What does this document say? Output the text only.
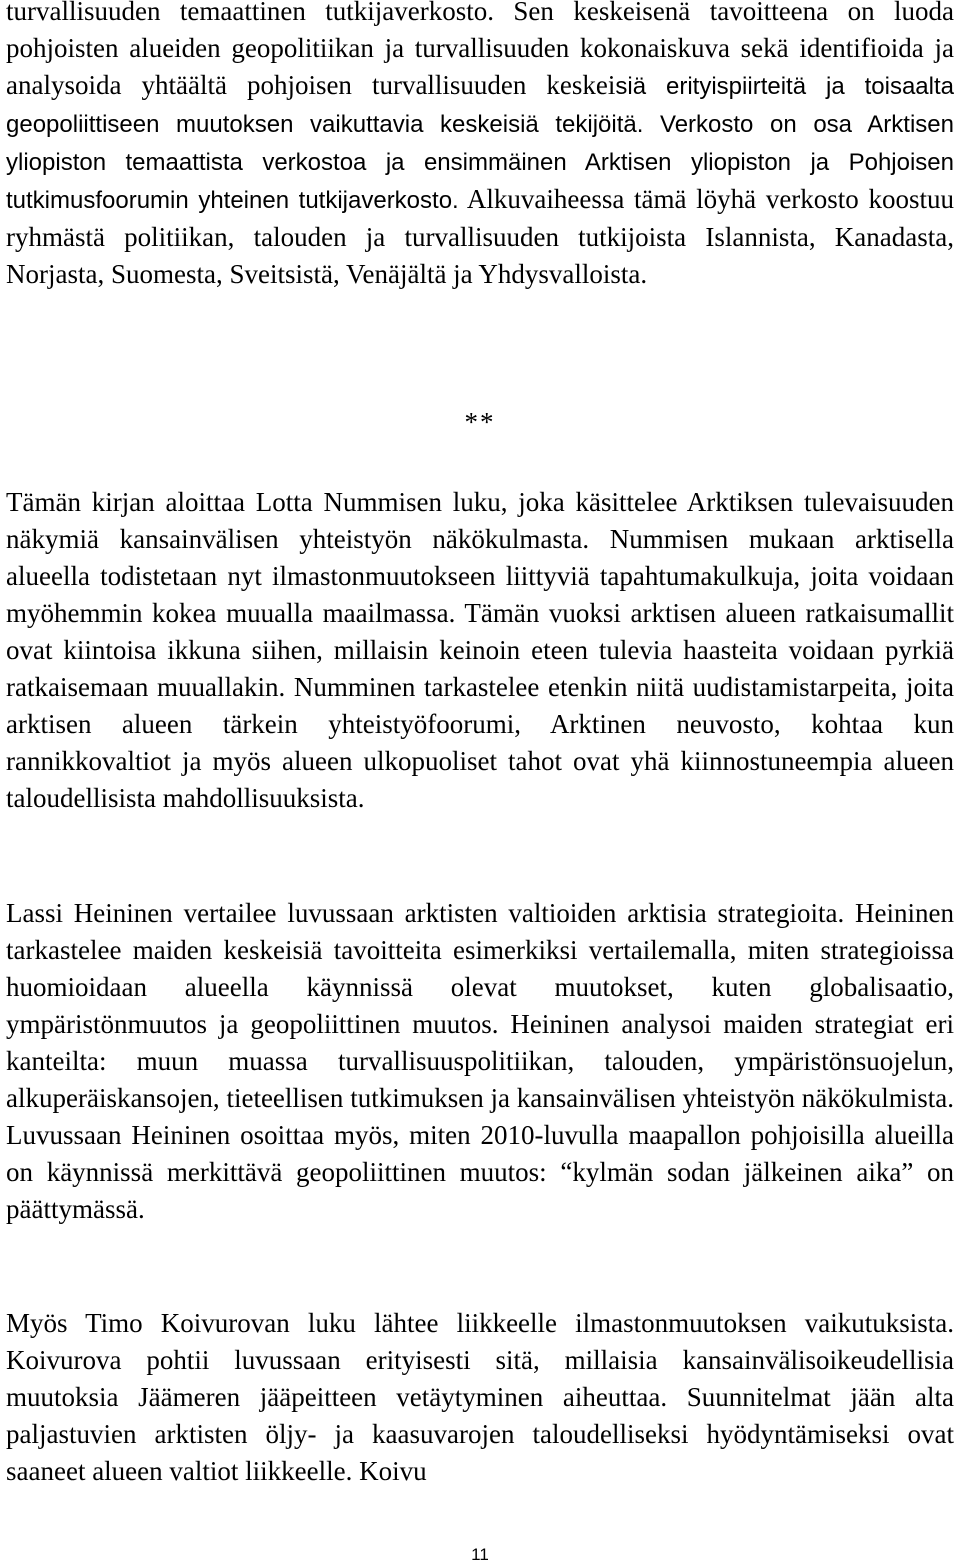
turvallisuuden temaattinen tutkijaverkosto. Sen keskeisenä tavoitteena on luoda pohjoisten alueiden geopolitiikan ja turvallisuuden kokonaiskuva sekä identifioida ja analysoida yhtäältä pohjoisen turvallisuuden keskeisiä erityispiirteitä ja toisaalta geopoliittiseen muutoksen vaikuttavia keskeisiä tekijöitä. Verkosto on osa Arktisen yliopiston temaattista verkostoa ja ensimmäinen Arktisen yliopiston ja Pohjoisen tutkimusfoorumin yhteinen tutkijaverkosto. Alkuvaiheessa tämä löyhä verkosto koostuu ryhmästä politiikan, talouden ja turvallisuuden tutkijoista Islannista, Kanadasta, Norjasta, Suomesta, Sveitsistä, Venäjältä ja Yhdysvalloista.

**

Tämän kirjan aloittaa Lotta Nummisen luku, joka käsittelee Arktiksen tulevaisuuden näkymiä kansainvälisen yhteistyön näkökulmasta. Nummisen mukaan arktisella alueella todistetaan nyt ilmastonmuutokseen liittyviä tapahtumakulkuja, joita voidaan myöhemmin kokea muualla maailmassa. Tämän vuoksi arktisen alueen ratkaisumallit ovat kiintoisa ikkuna siihen, millaisin keinoin eteen tulevia haasteita voidaan pyrkiä ratkaisemaan muuallakin. Numminen tarkastelee etenkin niitä uudistamistarpeita, joita arktisen alueen tärkein yhteistyöfoorumi, Arktinen neuvosto, kohtaa kun rannikkovaltiot ja myös alueen ulkopuoliset tahot ovat yhä kiinnostuneempia alueen taloudellisista mahdollisuuksista.

Lassi Heininen vertailee luvussaan arktisten valtioiden arktisia strategioita. Heininen tarkastelee maiden keskeisiä tavoitteita esimerkiksi vertailemalla, miten strategioissa huomioidaan alueella käynnissä olevat muutokset, kuten globalisaatio, ympäristönmuutos ja geopoliittinen muutos. Heininen analysoi maiden strategiat eri kanteilta: muun muassa turvallisuuspolitiikan, talouden, ympäristönsuojelun, alkuperäiskansojen, tieteellisen tutkimuksen ja kansainvälisen yhteistyön näkökulmista. Luvussaan Heininen osoittaa myös, miten 2010-luvulla maapallon pohjoisilla alueilla on käynnissä merkittävä geopoliittinen muutos: “kylmän sodan jälkeinen aika” on päättymässä.

Myös Timo Koivurovan luku lähtee liikkeelle ilmastonmuutoksen vaikutuksista. Koivurova pohtii luvussaan erityisesti sitä, millaisia kansainvälisoikeudellisia muutoksia Jäämeren jääpeitteen vetäytyminen aiheuttaa. Suunnitelmat jään alta paljastuvien arktisten öljy- ja kaasuvarojen taloudelliseksi hyödyntämiseksi ovat saaneet alueen valtiot liikkeelle. Koivu

11
